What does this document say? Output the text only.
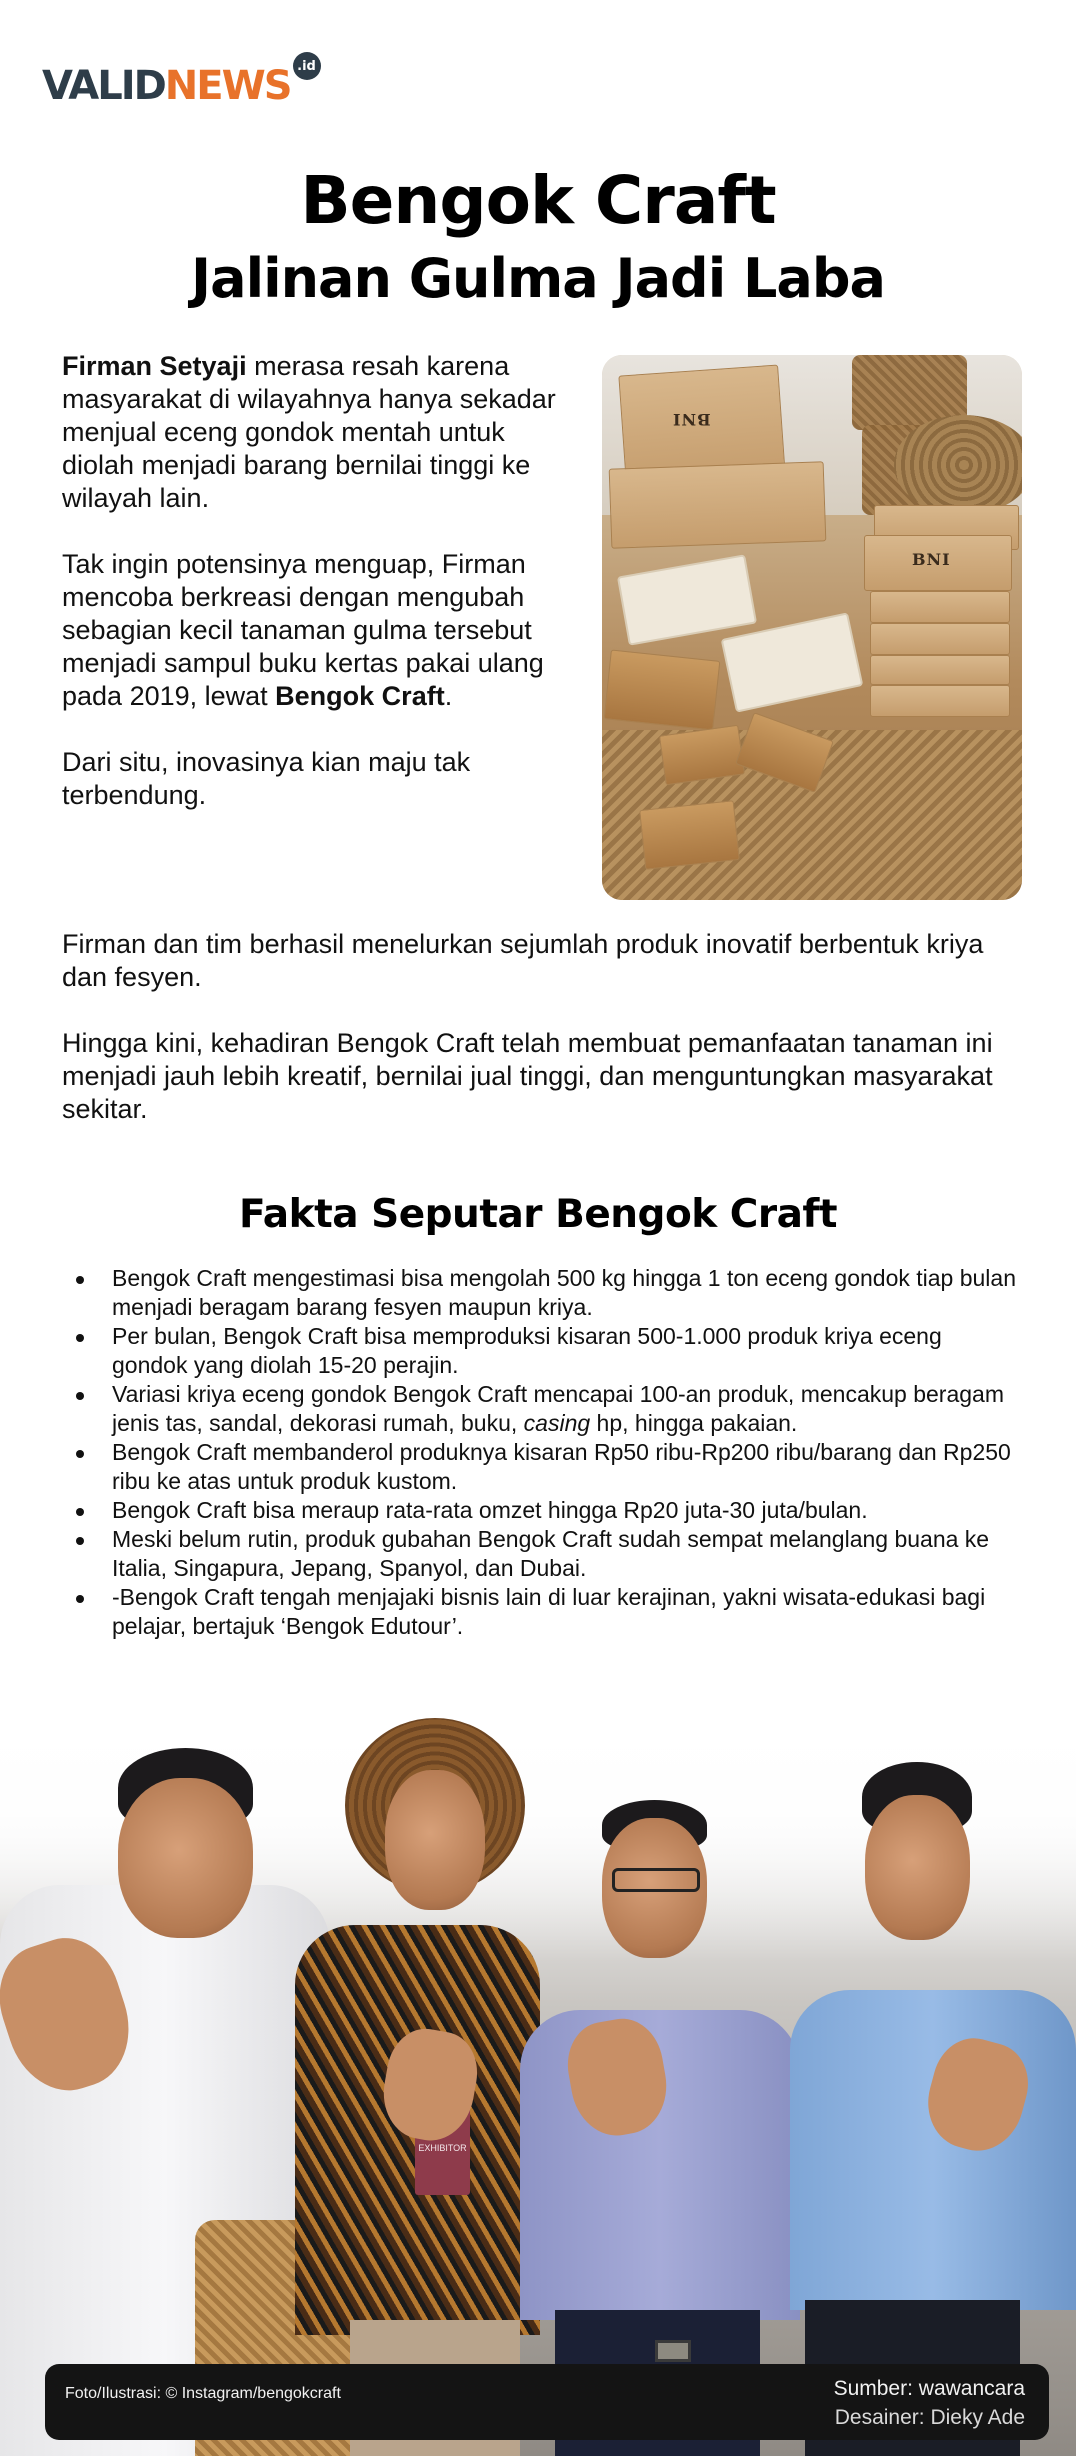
VALID NEWS .id
Bengok Craft
Jalinan Gulma Jadi Laba

Firman Setyaji merasa resah karena masyarakat di wilayahnya hanya sekadar menjual eceng gondok mentah untuk diolah menjadi barang bernilai tinggi ke wilayah lain.

Tak ingin potensinya menguap, Firman mencoba berkreasi dengan mengubah sebagian kecil tanaman gulma tersebut menjadi sampul buku kertas pakai ulang pada 2019, lewat Bengok Craft.

Dari situ, inovasinya kian maju tak terbendung.

BNI
BNI

Firman dan tim berhasil menelurkan sejumlah produk inovatif berbentuk kriya dan fesyen.

Hingga kini, kehadiran Bengok Craft telah membuat pemanfaatan tanaman ini menjadi jauh lebih kreatif, bernilai jual tinggi, dan menguntungkan masyarakat sekitar.

Fakta Seputar Bengok Craft
Bengok Craft mengestimasi bisa mengolah 500 kg hingga 1 ton eceng gondok tiap bulan menjadi beragam barang fesyen maupun kriya.
Per bulan, Bengok Craft bisa memproduksi kisaran 500-1.000 produk kriya eceng gondok yang diolah 15-20 perajin.
Variasi kriya eceng gondok Bengok Craft mencapai 100-an produk, mencakup beragam jenis tas, sandal, dekorasi rumah, buku, casing hp, hingga pakaian.
Bengok Craft membanderol produknya kisaran Rp50 ribu-Rp200 ribu/barang dan Rp250 ribu ke atas untuk produk kustom.
Bengok Craft bisa meraup rata-rata omzet hingga Rp20 juta-30 juta/bulan.
Meski belum rutin, produk gubahan Bengok Craft sudah sempat melanglang buana ke Italia, Singapura, Jepang, Spanyol, dan Dubai.
-Bengok Craft tengah menjajaki bisnis lain di luar kerajinan, yakni wisata-edukasi bagi pelajar, bertajuk ‘Bengok Edutour’.
EXHIBITOR
Foto/Ilustrasi: © Instagram/bengokcraft	Sumber: wawancara
Desainer: Dieky Ade
